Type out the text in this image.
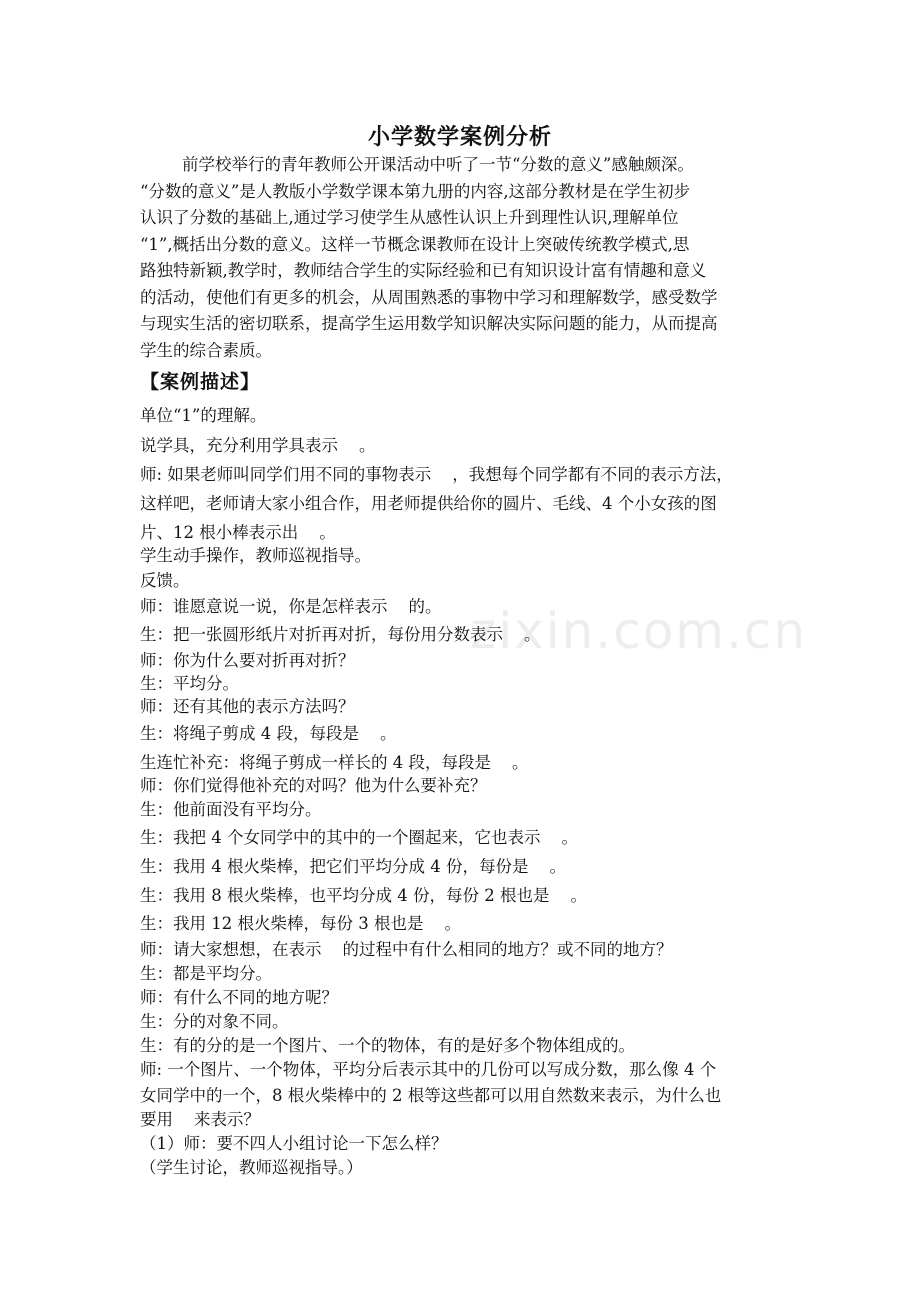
zixin.com.cn
小学数学案例分析
前学校举行的青年教师公开课活动中听了一节“分数的意义”感触颇深。
“分数的意义”是人教版小学数学课本第九册的内容,这部分教材是在学生初步
认识了分数的基础上,通过学习使学生从感性认识上升到理性认识,理解单位
“1”,概括出分数的意义。这样一节概念课教师在设计上突破传统教学模式,思
路独特新颖,教学时，教师结合学生的实际经验和已有知识设计富有情趣和意义
的活动，使他们有更多的机会，从周围熟悉的事物中学习和理解数学，感受数学
与现实生活的密切联系，提高学生运用数学知识解决实际问题的能力，从而提高
学生的综合素质。
【案例描述】
单位“1”的理解。
说学具，充分利用学具表示    。
师: 如果老师叫同学们用不同的事物表示    ，我想每个同学都有不同的表示方法，
这样吧，老师请大家小组合作，用老师提供给你的圆片、毛线、4 个小女孩的图
片、12 根小棒表示出    。
学生动手操作，教师巡视指导。
反馈。
师：谁愿意说一说，你是怎样表示    的。
生：把一张圆形纸片对折再对折，每份用分数表示    。
师：你为什么要对折再对折？
生：平均分。
师：还有其他的表示方法吗？
生：将绳子剪成 4 段，每段是    。
生连忙补充：将绳子剪成一样长的 4 段，每段是    。
师：你们觉得他补充的对吗？他为什么要补充？
生：他前面没有平均分。
生：我把 4 个女同学中的其中的一个圈起来，它也表示    。
生：我用 4 根火柴棒，把它们平均分成 4 份，每份是    。
生：我用 8 根火柴棒，也平均分成 4 份，每份 2 根也是    。
生：我用 12 根火柴棒，每份 3 根也是    。
师：请大家想想，在表示    的过程中有什么相同的地方？或不同的地方？
生：都是平均分。
师：有什么不同的地方呢？
生：分的对象不同。
生：有的分的是一个图片、一个的物体，有的是好多个物体组成的。
师: 一个图片、一个物体，平均分后表示其中的几份可以写成分数，那么像 4 个
女同学中的一个，8 根火柴棒中的 2 根等这些都可以用自然数来表示，为什么也
要用    来表示？
（1）师：要不四人小组讨论一下怎么样？
（学生讨论，教师巡视指导。）
